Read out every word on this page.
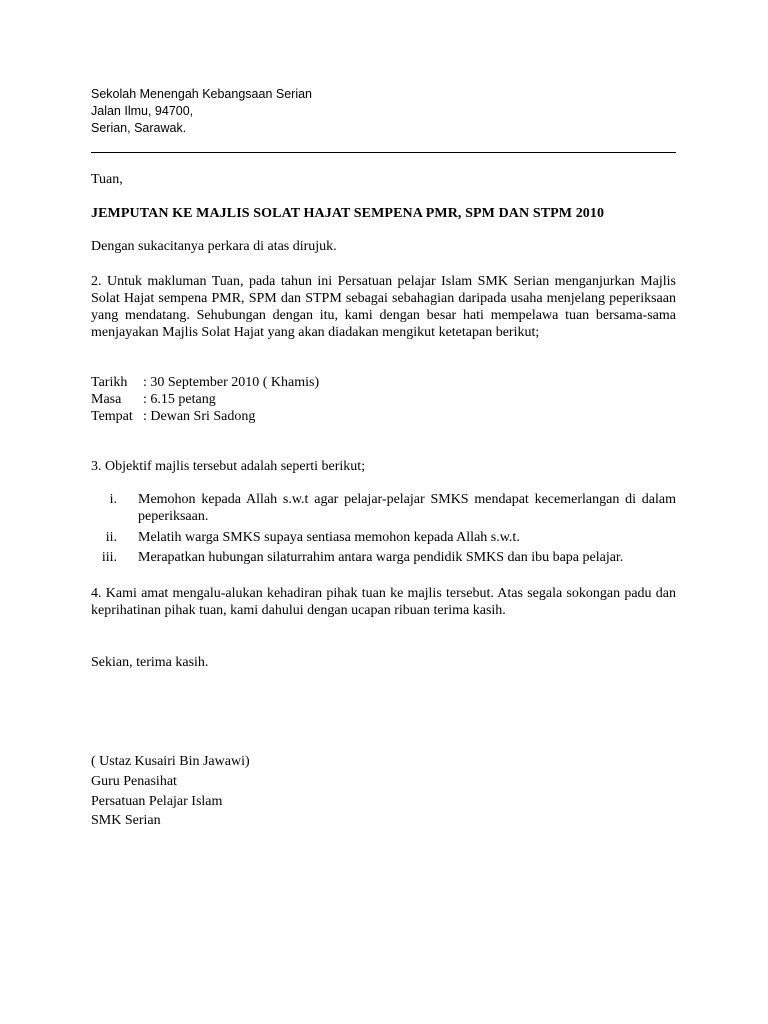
Sekolah Menengah Kebangsaan Serian
Jalan Ilmu, 94700,
Serian, Sarawak.
Tuan,
JEMPUTAN KE MAJLIS SOLAT HAJAT SEMPENA PMR, SPM DAN STPM 2010
Dengan sukacitanya perkara di atas dirujuk.
2. Untuk makluman Tuan, pada tahun ini Persatuan pelajar Islam SMK Serian menganjurkan Majlis Solat Hajat sempena PMR, SPM dan STPM sebagai sebahagian daripada usaha menjelang peperiksaan yang mendatang. Sehubungan dengan itu, kami dengan besar hati mempelawa tuan bersama-sama menjayakan Majlis Solat Hajat yang akan diadakan mengikut ketetapan berikut;
Tarikh : 30 September 2010 ( Khamis)
Masa : 6.15 petang
Tempat : Dewan Sri Sadong
3. Objektif majlis tersebut adalah seperti berikut;
i. Memohon kepada Allah s.w.t agar pelajar-pelajar SMKS mendapat kecemerlangan di dalam peperiksaan.
ii. Melatih warga SMKS supaya sentiasa memohon kepada Allah s.w.t.
iii. Merapatkan hubungan silaturrahim antara warga pendidik SMKS dan ibu bapa pelajar.
4. Kami amat mengalu-alukan kehadiran pihak tuan ke majlis tersebut. Atas segala sokongan padu dan keprihatinan pihak tuan, kami dahului dengan ucapan ribuan terima kasih.
Sekian, terima kasih.
( Ustaz Kusairi Bin Jawawi)
Guru Penasihat
Persatuan Pelajar Islam
SMK Serian
